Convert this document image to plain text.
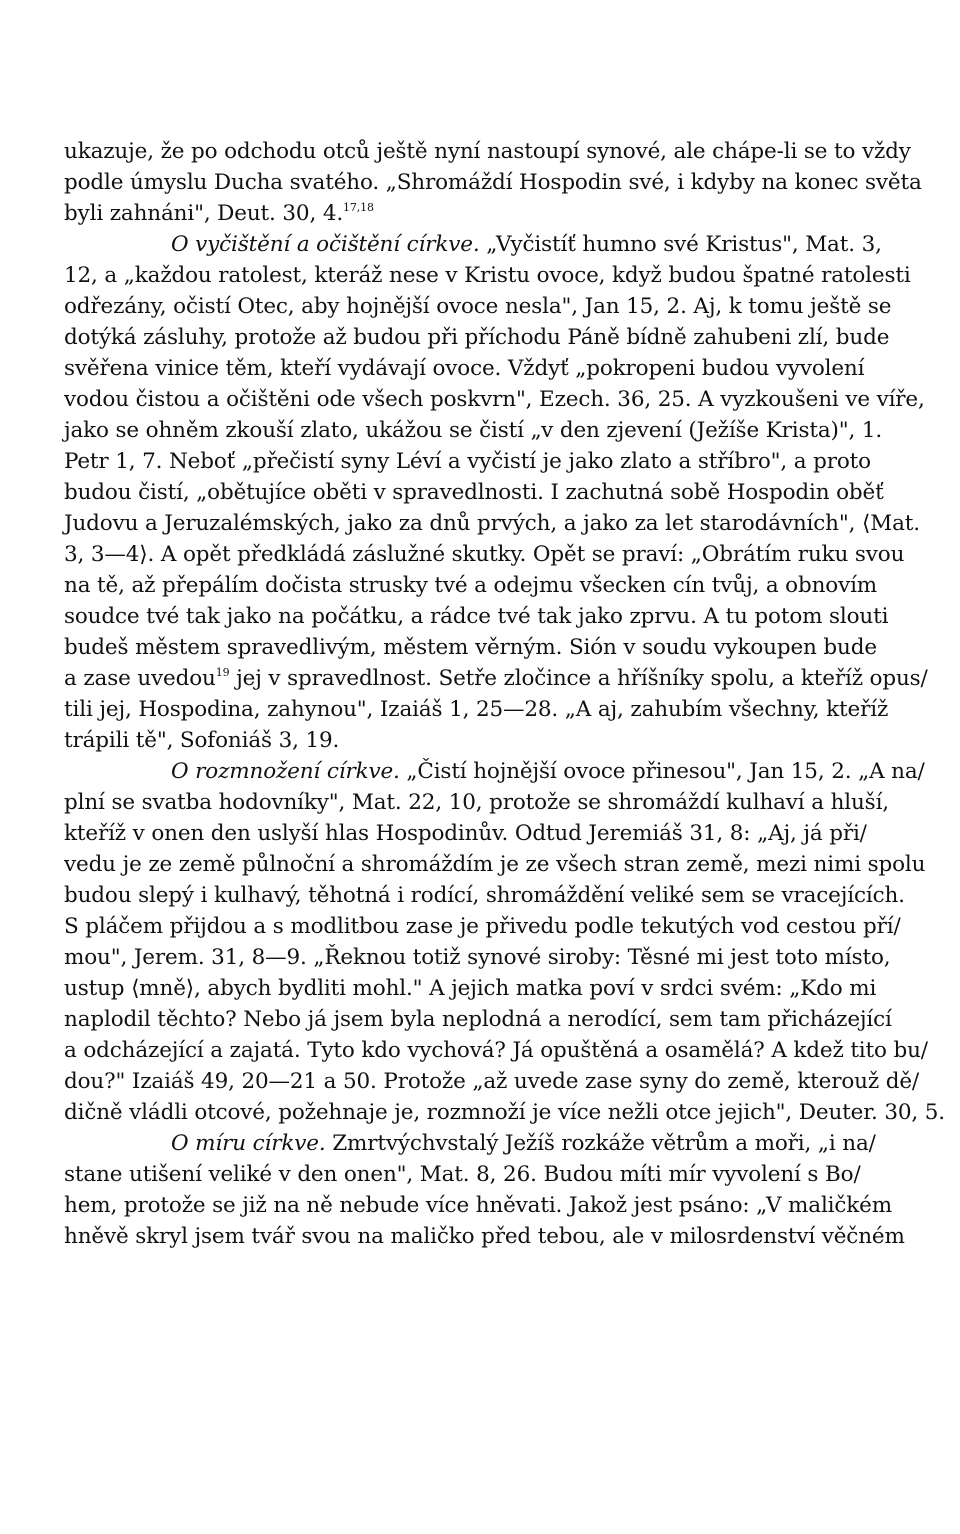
ukazuje, že po odchodu otců ještě nyní nastoupí synové, ale chápe-li se to vždy
podle úmyslu Ducha svatého. „Shromáždí Hospodin své, i kdyby na konec světa
byli zahnáni", Deut. 30, 4.$^{17,18}$
O vyčištění a očištění církve. „Vyčistíť humno své Kristus", Mat. 3,
12, a „každou ratolest, kteráž nese v Kristu ovoce, když budou špatné ratolesti
odřezány, očistí Otec, aby hojnější ovoce nesla", Jan 15, 2. Aj, k tomu ještě se
dotýká zásluhy, protože až budou při příchodu Páně bídně zahubeni zlí, bude
svěřena vinice těm, kteří vydávají ovoce. Vždyť „pokropeni budou vyvolení
vodou čistou a očištěni ode všech poskvrn", Ezech. 36, 25. A vyzkoušeni ve víře,
jako se ohněm zkouší zlato, ukážou se čistí „v den zjevení (Ježíše Krista)", 1.
Petr 1, 7. Neboť „přečistí syny Léví a vyčistí je jako zlato a stříbro", a proto
budou čistí, „obětujíce oběti v spravedlnosti. I zachutná sobě Hospodin oběť
Judovu a Jeruzalémských, jako za dnů prvých, a jako za let starodávních", ⟨Mat.
3, 3—4⟩. A opět předkládá záslužné skutky. Opět se praví: „Obrátím ruku svou
na tě, až přepálím dočista strusky tvé a odejmu všecken cín tvůj, a obnovím
soudce tvé tak jako na počátku, a rádce tvé tak jako zprvu. A tu potom slouti
budeš městem spravedlivým, městem věrným. Sión v soudu vykoupen bude
a zase uvedou$^{19}$ jej v spravedlnost. Setře zločince a hříšníky spolu, a kteříž opus/
tili jej, Hospodina, zahynou", Izaiáš 1, 25—28. „A aj, zahubím všechny, kteříž
trápili tě", Sofoniáš 3, 19.
O rozmnožení církve. „Čistí hojnější ovoce přinesou", Jan 15, 2. „A na/
plní se svatba hodovníky", Mat. 22, 10, protože se shromáždí kulhaví a hluší,
kteříž v onen den uslyší hlas Hospodinův. Odtud Jeremiáš 31, 8: „Aj, já při/
vedu je ze země půlnoční a shromáždím je ze všech stran země, mezi nimi spolu
budou slepý i kulhavý, těhotná i rodící, shromáždění veliké sem se vracejících.
S pláčem přijdou a s modlitbou zase je přivedu podle tekutých vod cestou pří/
mou", Jerem. 31, 8—9. „Řeknou totiž synové siroby: Těsné mi jest toto místo,
ustup ⟨mně⟩, abych bydliti mohl." A jejich matka poví v srdci svém: „Kdo mi
naplodil těchto? Nebo já jsem byla neplodná a nerodící, sem tam přicházející
a odcházející a zajatá. Tyto kdo vychová? Já opuštěná a osamělá? A kdež tito bu/
dou?" Izaiáš 49, 20—21 a 50. Protože „až uvede zase syny do země, kterouž dě/
dičně vládli otcové, požehnaje je, rozmnoží je více nežli otce jejich", Deuter. 30, 5.
O míru církve. Zmrtvýchvstalý Ježíš rozkáže větrům a moři, „i na/
stane utišení veliké v den onen", Mat. 8, 26. Budou míti mír vyvolení s Bo/
hem, protože se již na ně nebude více hněvati. Jakož jest psáno: „V maličkém
hněvě skryl jsem tvář svou na maličko před tebou, ale v milosrdenství věčném
